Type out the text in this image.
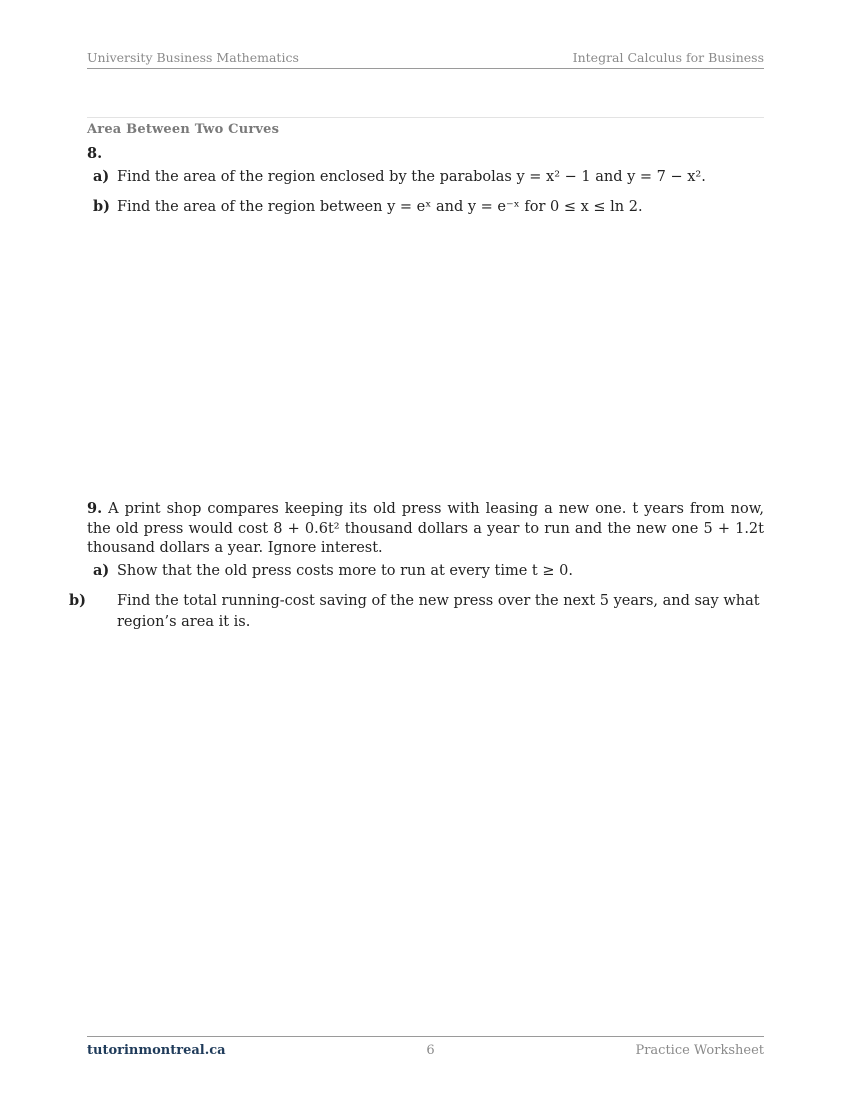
University Business Mathematics	Integral Calculus for Business
Area Between Two Curves
8.
a) Find the area of the region enclosed by the parabolas y = x² − 1 and y = 7 − x².
b) Find the area of the region between y = eˣ and y = e⁻ˣ for 0 ≤ x ≤ ln 2.
9. A print shop compares keeping its old press with leasing a new one. t years from now, the old press would cost 8 + 0.6t² thousand dollars a year to run and the new one 5 + 1.2t thousand dollars a year. Ignore interest.
a) Show that the old press costs more to run at every time t ≥ 0.
b) Find the total running-cost saving of the new press over the next 5 years, and say what region’s area it is.
tutorinmontreal.ca	6	Practice Worksheet
